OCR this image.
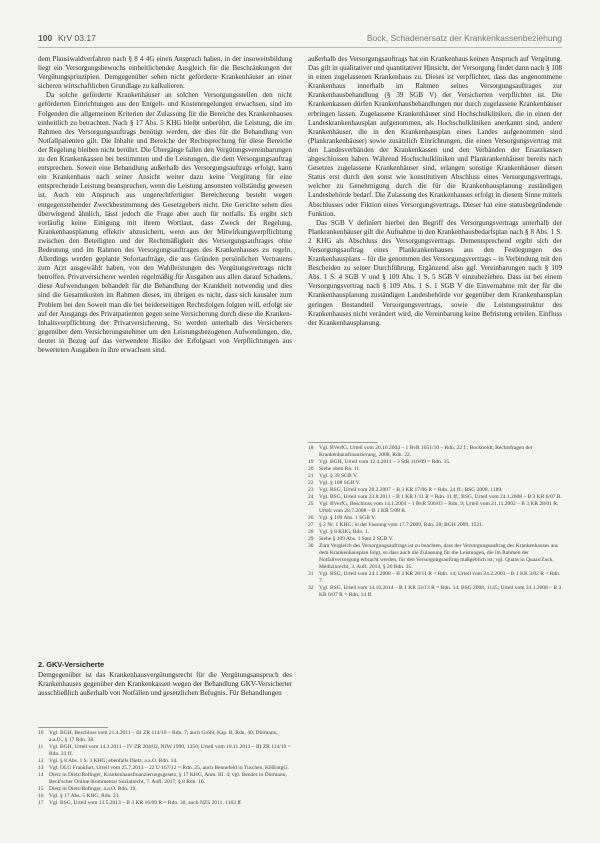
100 KrV 03.17	Bock, Schadenersatz der Krankenkassenbeziehung

dem Plausiwaldverfahren nach § 8 4 4G einen Anspruch haben, in der insoweitsbildung liegt ein Versorgungsbewuchs einheitlichender Ausgleich für die Beschränkungen der Vergütungsprinzipien. Demgegenüber sehen nicht geförderte Krankenhäuser an einer sicheren wirtschaftlichen Grundlage zu kalkulieren.

Da solche geförderte Krankenhäuser an solchen Versorgungsstellen den nicht geförderten Einrichtungen aus den Entgelt- und Kostenregelungen erwachsen, sind im Folgenden die allgemeinen Kriterien der Zulassung für die Bereiche des Krankenhauses einheitlich zu betrachten. Nach § 17 Abs. 5 KHG bleibt unberührt, die Leistung, die im Rahmen des Versorgungsauftrags benötigt werden, der dies für die Behandlung von Notfallpatienten gilt. Die Inhalte und Bereiche der Rechtsprechung für diese Bereiche der Regelung bleiben nicht berührt. Die Übergänge fallen den Vergütungsvereinbarungen zu den Krankenkassen bei bestimmten und die Leistungen, die dem Versorgungsauftrag entsprechen. Soweit eine Behandlung außerhalb des Versorgungsauftrags erfolgt, kann ein Krankenhaus nach seiner Ansicht weiter dazu keine Vergütung für eine entsprechende Leistung beanspruchen, wenn die Leistung ansonsten vollständig gewesen ist. Auch ein Anspruch aus ungerechtfertigter Bereicherung besteht wegen entgegenstehender Zweckbestimmung des Gesetzgebers nicht. Die Gerichte sehen dies überwiegend ähnlich, lässt jedoch die Frage aber auch für notfalls. Es ergibt sich vorläufig keine Einigung mit ihrem Wortlaut, dass Zweck der Regelung, Krankenhausplanung effektiv abzusichern, wenn aus der Mitwirkungsverpflichtung zwischen den Beteiligten und der Rechtmäßigkeit des Versorgungsauftrages ohne Bedeutung und im Rahmen des Versorgungsauftrages des Krankenhauses zu regeln. Allerdings werden geplante Sofortaufträge, die aus Gründen persönlichen Vertrauens zum Arzt ausgewählt haben, von den Wahlleistungen des Vergütungsvertrags nicht betroffen. Privatversicherer werden regelmäßig für Ausgaben aus allen darauf Schadens, diese Aufwendungen behandelt für die Behandlung der Krankheit notwendig und dies sind die Gesamtkosten im Rahmen dieses, im übrigen es nicht, dass sich kausaler zum Problem bei den Soweit man die bei beiderseitigen Rechtsfolgen folgten will, erfolgt sie auf der Ausgangs des Privatpatienten gegen seine Versicherung durch diese die Kranken-Inhaltsverpflichtung der Privatversicherung. So werden unterhalb des Versicherers gegenüber dem Versicherungsnehmer um den Leistungsbezogenen Aufwendungen, die, deutet in Bezug auf das verwendete Risiko der Erfolgsart von Verpflichtungen aus bewerteten Ausgaben in ihre erwachsen sind.

2. GKV-Versicherte

Demgegenüber ist das Krankenhausvergütungsrecht für die Vergütungsanspruch des Krankenhauses gegenüber den Krankenkassen wegen der Behandlung GKV-Versicherter ausschließlich außerhalb von Notfällen und gesetzlichen Befugnis. Für Behandlungen

10 Vgl. BGH, Beschluss vom 21.4.2011 – III ZR 114/10 – Rdn. 7; auch Gröhl, Kap. B, Rdn. 40; Dörmann, a.a.O., § 17 Rdn. 38.

11 Vgl. BGH, Urteil vom 14.3.2011 – IV ZR 204/02, NJW 1990, 1350; Urteil vom 18.11.2011 – III ZR 114/10 = Rdn. 23 ff.

12 Vgl. § 8 Abs. 1 S. 3 KHG; ebenfalls Dietz, a.a.O. Rdn. 14.

13 Vgl. OLG Frankfurt, Urteil vom 25.7.2013 – 22 U 167/12 = Rdn. 25, auch Bennefeld in Tuschen, KHEntgG.

14 Dietz in Dietz/Bofinger, Krankenhausfinanzierungsgesetz, § 17 KHG, Anm. III. 4; vgl. Bender in Dörmann, Beck'scher Online-Kommentar Sozialrecht, 7. Aufl. 2017, § 8 Rdn. 16.

15 Dietz in Dietz/Bofinger, a.a.O. Rdn. 19.

16 Vgl. § 17 Abs. 5 KHG, Rdn. 21.

17 Vgl. BSG, Urteil vom 13.5.2013 – B 3 KR 16/09 R = Rdn. 30, auch NZS 2011, 1163 ff.

außerhalb des Versorgungsauftrags hat ein Krankenhaus keinen Anspruch auf Vergütung. Das gilt in qualitativer und quantitativer Hinsicht, der Versorgung findet dann nach § 108 in einen zugelassenen Krankenhaus zu. Dieses ist verpflichtet, dass das angenommene Krankenhaus innerhalb im Rahmen seines Versorgungsauftrages zur Krankenhausbehandlung (§ 39 SGB V) der Versicherten verpflichtet ist. Die Krankenkassen dürfen Krankenhausbehandlungen nur durch zugelassene Krankenhäuser erbringen lassen. Zugelassene Krankenhäuser sind Hochschulkliniken, die in einen der Landeskrankenhausplan aufgenommen, als Hochschulkliniken anerkannt sind, andere Krankenhäuser, die in den Krankenhausplan eines Landes aufgenommen sind (Plankrankenhäuser) sowie zusätzlich Einrichtungen, die einen Versorgungsvertrag mit den Landesverbänden der Krankenkassen und den Verbänden der Ersatzkassen abgeschlossen haben. Während Hochschulkliniken und Plankrankenhäuser bereits nach Gesetzes zugelassene Krankenhäuser sind, erlangen sonstige Krankenhäuser diesen Status erst durch den sonst wie konstitutiven Abschluss eines Versorgungsvertrags, welcher zu Genehmigung durch die für die Krankenhausplanung zuständigen Landesbehörde bedarf. Die Zulassung des Krankenhauses erfolgt in diesem Sinne mittels Abschlusses oder Fiktion eines Versorgungsvertrags. Dieser hat eine statusbegründende Funktion.

Das SGB V definiert hierbei den Begriff des Versorgungsvertrags unterhalb der Plankrankenhäuser gilt die Aufnahme in den Krankenhausbedarfsplan nach § 8 Abs. 1 S. 2 KHG als Abschluss des Versorgungsvertrags. Dementsprechend ergibt sich der Versorgungsauftrag eines Plankrankenhauses aus den Festlegungen des Krankenhausplans – für die genommen des Versorgungsvertrags – in Verbindung mit den Bescheiden zu seiner Durchführung. Ergänzend also ggf. Vereinbarungen nach § 109 Abs. 1 S. 4 SGB V und § 109 Abs. 1 S. 5 SGB V einzubeziehen. Dass ist bei einem Versorgungsvertrag nach § 109 Abs. 1 S. 1 SGB V die Einvernahme mit der für die Krankenhausplanung zuständigen Landesbehörde vor gegenüber dem Krankenhausplan geringen Bestandteil Versorgungsvertrags, sowie die Leistungsstruktur des Krankenhauses nicht verändert wird, die Vereinbarung keine Befristung erteilen. Einfluss der Krankenhausplanung.

18 Vgl. BVerfG, Urteil vom 20.10.2004 – 1 BvR 1051/10 – Rdn. 22 f.; Bockholdt, Rechtsfragen der Krankenhausfinanzierung, 2008, Rdn. 22.

19 Vgl. BGH, Urteil vom 12.4.2011 – 3 StR 116/09 = Rdn. 35.

20 Siehe oben Rn. 11.

21 Vgl. § 39 SGB V.

22 Vgl. § 108 SGB V.

23 Vgl. BSG, Urteil vom 28.2.2007 – B 3 KR 17/06 R = Rdn. 24 ff.; BSG 2008, 1189.

24 Vgl. BSG, Urteil vom 23.8.2011 – B 1 KR 1/11 R = Rdn. 11 ff.; BSG, Urteil vom 24.1.2008 – B 3 KR 6/07 R.

25 Vgl. BVerfG, Beschluss vom 14.1.2004 – 1 BvR 506/03 – Rdn. 9; Urteil vom 21.11.2002 – B 3 KR 28/01 R; Urteil vom 28.7.2008 – B 1 KR 5/08 R.

26 Vgl. § 109 Abs. 1 SGB V.

27 § 2 Nr. 1 KHG; in der Fassung vom 17.7.2009, Rdn. 28; BGH 2009, 1521.

28 Vgl. § 8 KHG, Rdn. 1.

29 Siehe § 109 Abs. 1 Satz 2 SGB V.

30 Zum Vergleich des Versorgungsauftrags ist zu beachten, dass der Versorgungsauftrag des Krankenhauses aus dem Krankenhausplan folgt, so dass auch die Zulassung für die Leistungen, die im Rahmen der Notfallversorgung erbracht werden, für den Versorgungsauftrag maßgeblich ist; vgl. Quaas in Quaas/Zuck, Medizinrecht, 3. Aufl. 2014, § 26 Rdn. 35.

31 Vgl. BSG, Urteil vom 24.1.2008 – B 3 KR 28/11 R = Rdn. 14; Urteil vom 24.2.2003 – B 1 KR 3/02 R = Rdn. 7.

32 Vgl. BSG, Urteil vom 14.10.2014 – B 1 KR 33/13 R = Rdn. 14; BSG 2008, 1145; Urteil vom 24.1.2008 – B 3 KR 6/07 R = Rdn. 14 ff.
